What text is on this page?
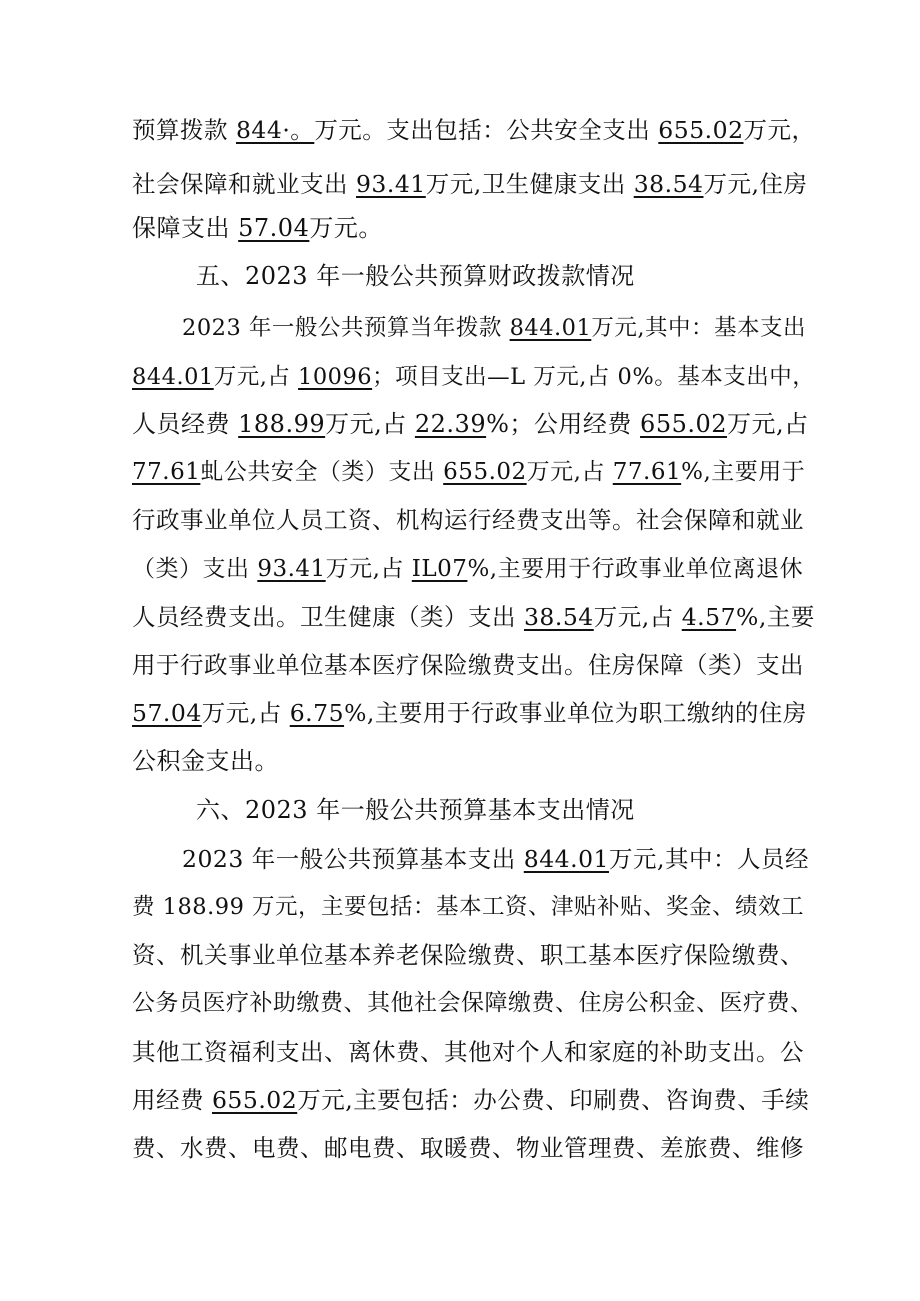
预算拨款 844·。万元。支出包括：公共安全支出 655.02万元，
社会保障和就业支出 93.41万元,卫生健康支出 38.54万元,住房
保障支出 57.04万元。
五、2023 年一般公共预算财政拨款情况
2023 年一般公共预算当年拨款 844.01万元,其中：基本支出
844.01万元,占 10096；项目支出—L 万元,占 0%。基本支出中，
人员经费 188.99万元,占 22.39%；公用经费 655.02万元,占
77.61虬公共安全（类）支出 655.02万元,占 77.61%,主要用于
行政事业单位人员工资、机构运行经费支出等。社会保障和就业
（类）支出 93.41万元,占 IL07%,主要用于行政事业单位离退休
人员经费支出。卫生健康（类）支出 38.54万元,占 4.57%,主要
用于行政事业单位基本医疗保险缴费支出。住房保障（类）支出
57.04万元,占 6.75%,主要用于行政事业单位为职工缴纳的住房
公积金支出。
六、2023 年一般公共预算基本支出情况
2023 年一般公共预算基本支出 844.01万元,其中：人员经
费 188.99 万元，主要包括：基本工资、津贴补贴、奖金、绩效工
资、机关事业单位基本养老保险缴费、职工基本医疗保险缴费、
公务员医疗补助缴费、其他社会保障缴费、住房公积金、医疗费、
其他工资福利支出、离休费、其他对个人和家庭的补助支出。公
用经费 655.02万元,主要包括：办公费、印刷费、咨询费、手续
费、水费、电费、邮电费、取暖费、物业管理费、差旅费、维修
